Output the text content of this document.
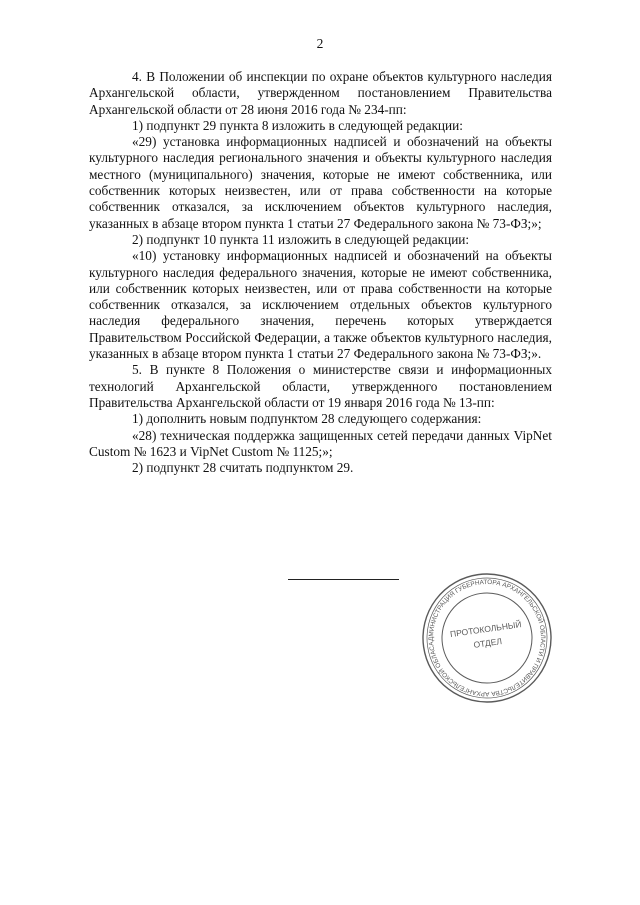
2

4. В Положении об инспекции по охране объектов культурного наследия Архангельской области, утвержденном постановлением Правительства Архангельской области от 28 июня 2016 года № 234-пп:

1) подпункт 29 пункта 8 изложить в следующей редакции:

«29) установка информационных надписей и обозначений на объекты культурного наследия регионального значения и объекты культурного наследия местного (муниципального) значения, которые не имеют собственника, или собственник которых неизвестен, или от права собственности на которые собственник отказался, за исключением объектов культурного наследия, указанных в абзаце втором пункта 1 статьи 27 Федерального закона № 73-ФЗ;»;

2) подпункт 10 пункта 11 изложить в следующей редакции:

«10) установку информационных надписей и обозначений на объекты культурного наследия федерального значения, которые не имеют собственника, или собственник которых неизвестен, или от права собственности на которые собственник отказался, за исключением отдельных объектов культурного наследия федерального значения, перечень которых утверждается Правительством Российской Федерации, а также объектов культурного наследия, указанных в абзаце втором пункта 1 статьи 27 Федерального закона № 73-ФЗ;».

5. В пункте 8 Положения о министерстве связи и информационных технологий Архангельской области, утвержденного постановлением Правительства Архангельской области от 19 января 2016 года № 13-пп:

1) дополнить новым подпунктом 28 следующего содержания:

«28) техническая поддержка защищенных сетей передачи данных VipNet Custom № 1623 и VipNet Custom № 1125;»;

2) подпункт 28 считать подпунктом 29.

АДМИНИСТРАЦИЯ ГУБЕРНАТОРА АРХАНГЕЛЬСКОЙ ОБЛАСТИ И ПРАВИТЕЛЬСТВА АРХАНГЕЛЬСКОЙ ОБЛАСТИ
ПРОТОКОЛЬНЫЙ
ОТДЕЛ
